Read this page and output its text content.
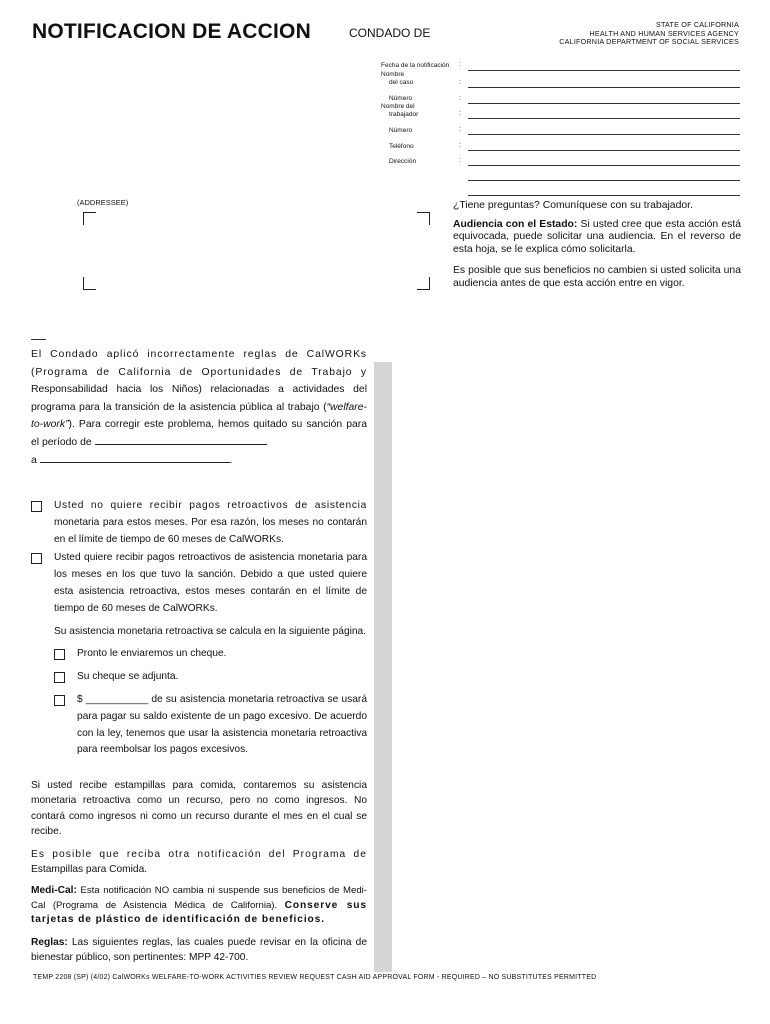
NOTIFICACION DE ACCION	CONDADO DE
STATE OF CALIFORNIA
HEALTH AND HUMAN SERVICES AGENCY
CALIFORNIA DEPARTMENT OF SOCIAL SERVICES
Fecha de la notificación :
Nombre
del caso	:
Número	:
Nombre del
trabajador	:
Número	:
Teléfono	:
Dirección	:
(ADDRESSEE)	¿Tiene preguntas? Comuníquese con su trabajador.

Audiencia con el Estado: Si usted cree que esta acción está equivocada, puede solicitar una audiencia. En el reverso de esta hoja, se le explica cómo solicitarla.

Es posible que sus beneficios no cambien si usted solicita una audiencia antes de que esta acción entre en vigor.

El Condado aplicó incorrectamente reglas de CalWORKs (Programa de California de Oportunidades de Trabajo y Responsabilidad hacia los Niños) relacionadas a actividades del programa para la transición de la asistencia pública al trabajo (“welfare-to-work”). Para corregir este problema, hemos quitado su sanción para el período de
a	.

Usted no quiere recibir pagos retroactivos de asistencia monetaria para estos meses. Por esa razón, los meses no contarán en el límite de tiempo de 60 meses de CalWORKs.
Usted quiere recibir pagos retroactivos de asistencia monetaria para los meses en los que tuvo la sanción. Debido a que usted quiere esta asistencia retroactiva, estos meses contarán en el límite de tiempo de 60 meses de CalWORKs.
Su asistencia monetaria retroactiva se calcula en la siguiente página.
Pronto le enviaremos un cheque.
Su cheque se adjunta.
$ ___________ de su asistencia monetaria retroactiva se usará para pagar su saldo existente de un pago excesivo. De acuerdo con la ley, tenemos que usar la asistencia monetaria retroactiva para reembolsar los pagos excesivos.

Si usted recibe estampillas para comida, contaremos su asistencia monetaria retroactiva como un recurso, pero no como ingresos. No contará como ingresos ni como un recurso durante el mes en el cual se recibe.

Es posible que reciba otra notificación del Programa de Estampillas para Comida.

Medi-Cal: Esta notificación NO cambia ni suspende sus beneficios de Medi-Cal (Programa de Asistencia Médica de California). Conserve sus tarjetas de plástico de identificación de beneficios.

Reglas: Las siguientes reglas, las cuales puede revisar en la oficina de bienestar público, son pertinentes: MPP 42-700.

TEMP 2208 (SP) (4/02) CalWORKs WELFARE-TO-WORK ACTIVITIES REVIEW REQUEST CASH AID APPROVAL FORM - REQUIRED – NO SUBSTITUTES PERMITTED
